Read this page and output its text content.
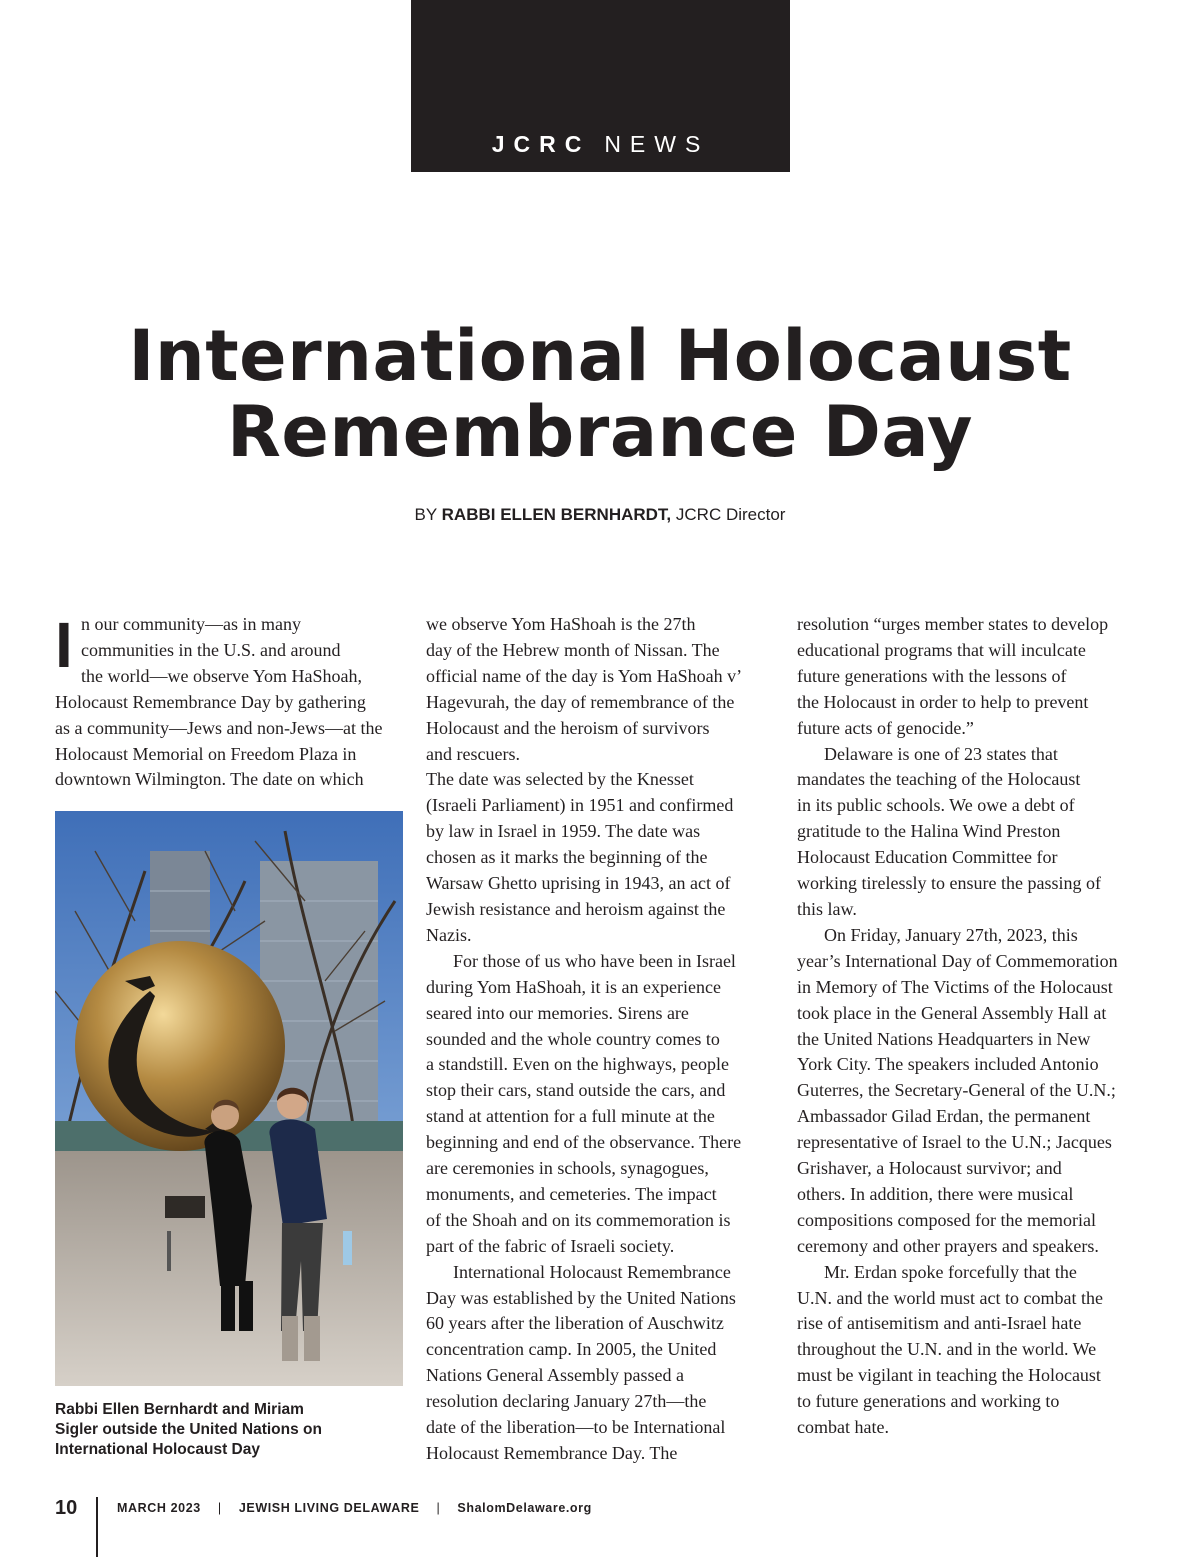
JCRC NEWS
International Holocaust
Remembrance Day
BY RABBI ELLEN BERNHARDT, JCRC Director

I n our community—as in many
communities in the U.S. and around
the world—we observe Yom HaShoah,
Holocaust Remembrance Day by gathering
as a community—Jews and non-Jews—at the
Holocaust Memorial on Freedom Plaza in
downtown Wilmington. The date on which

Rabbi Ellen Bernhardt and Miriam
Sigler outside the United Nations on
International Holocaust Day

we observe Yom HaShoah is the 27th
day of the Hebrew month of Nissan. The
official name of the day is Yom HaShoah v’
Hagevurah, the day of remembrance of the
Holocaust and the heroism of survivors
and rescuers.

The date was selected by the Knesset
(Israeli Parliament) in 1951 and confirmed
by law in Israel in 1959. The date was
chosen as it marks the beginning of the
Warsaw Ghetto uprising in 1943, an act of
Jewish resistance and heroism against the
Nazis.

For those of us who have been in Israel
during Yom HaShoah, it is an experience
seared into our memories. Sirens are
sounded and the whole country comes to
a standstill. Even on the highways, people
stop their cars, stand outside the cars, and
stand at attention for a full minute at the
beginning and end of the observance. There
are ceremonies in schools, synagogues,
monuments, and cemeteries. The impact
of the Shoah and on its commemoration is
part of the fabric of Israeli society.

International Holocaust Remembrance
Day was established by the United Nations
60 years after the liberation of Auschwitz
concentration camp. In 2005, the United
Nations General Assembly passed a
resolution declaring January 27th—the
date of the liberation—to be International
Holocaust Remembrance Day. The

resolution “urges member states to develop
educational programs that will inculcate
future generations with the lessons of
the Holocaust in order to help to prevent
future acts of genocide.”

Delaware is one of 23 states that
mandates the teaching of the Holocaust
in its public schools. We owe a debt of
gratitude to the Halina Wind Preston
Holocaust Education Committee for
working tirelessly to ensure the passing of
this law.

On Friday, January 27th, 2023, this
year’s International Day of Commemoration
in Memory of The Victims of the Holocaust
took place in the General Assembly Hall at
the United Nations Headquarters in New
York City. The speakers included Antonio
Guterres, the Secretary-General of the U.N.;
Ambassador Gilad Erdan, the permanent
representative of Israel to the U.N.; Jacques
Grishaver, a Holocaust survivor; and
others. In addition, there were musical
compositions composed for the memorial
ceremony and other prayers and speakers.

Mr. Erdan spoke forcefully that the
U.N. and the world must act to combat the
rise of antisemitism and anti-Israel hate
throughout the U.N. and in the world. We
must be vigilant in teaching the Holocaust
to future generations and working to
combat hate.

10	MARCH 2023 | JEWISH LIVING DELAWARE | ShalomDelaware.org
